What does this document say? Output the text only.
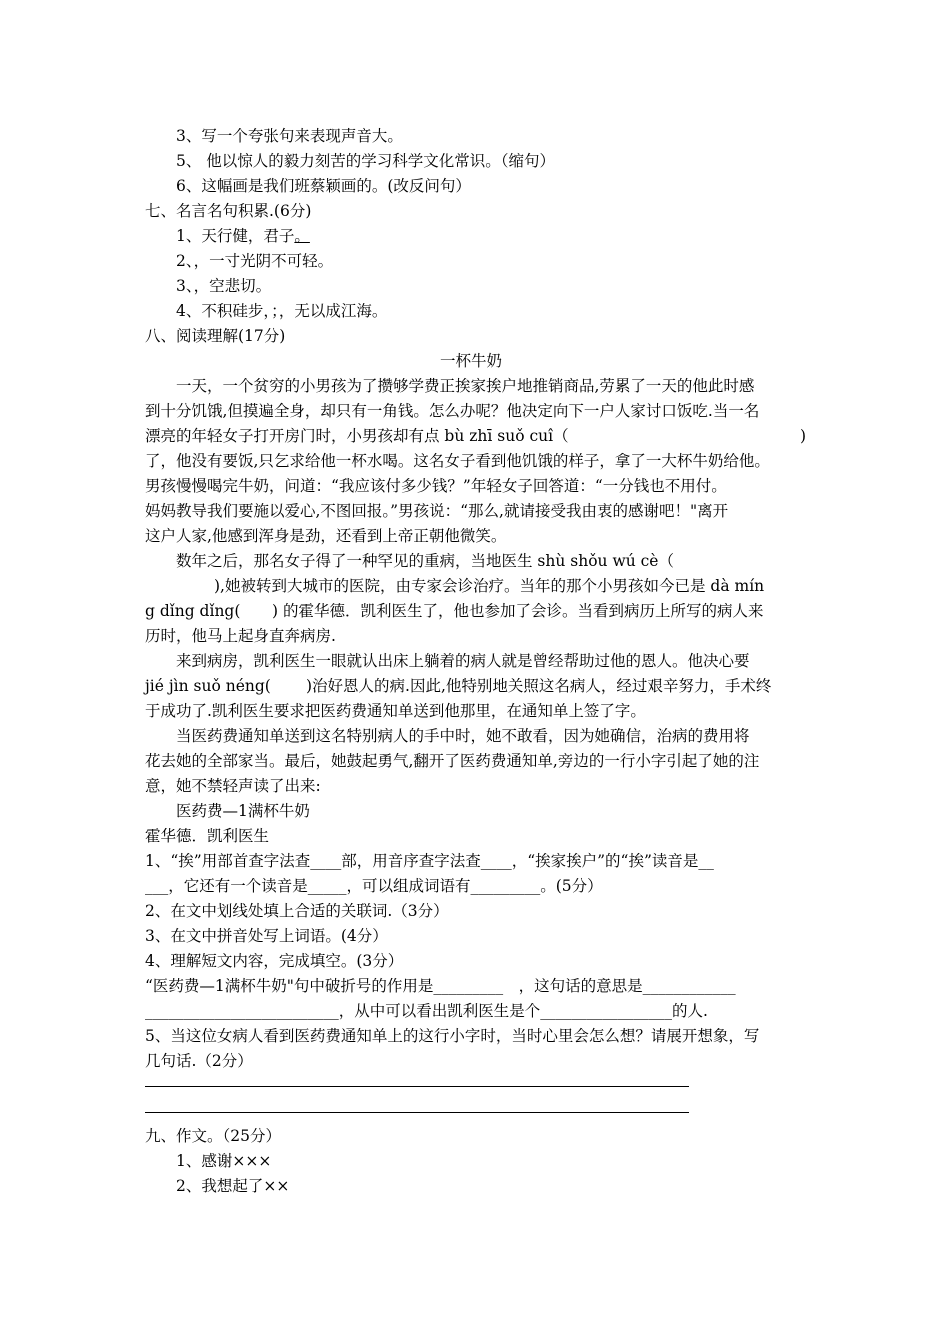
3、写一个夸张句来表现声音大。
5、 他以惊人的毅力刻苦的学习科学文化常识。（缩句）
6、这幅画是我们班蔡颖画的。(改反问句）
七、名言名句积累.(6分)
1、天行健，君子。
2、，一寸光阴不可轻。
3、，空悲切。
4、不积硅步，；，无以成江海。
八、阅读理解(17分)
一杯牛奶
一天，一个贫穷的小男孩为了攒够学费正挨家挨户地推销商品,劳累了一天的他此时感
到十分饥饿,但摸遍全身，却只有一角钱。怎么办呢？他决定向下一户人家讨口饭吃.当一名
漂亮的年轻女子打开房门时，小男孩却有点 bù zhī suǒ cuî（	)
了，他没有要饭,只乞求给他一杯水喝。这名女子看到他饥饿的样子，拿了一大杯牛奶给他。
男孩慢慢喝完牛奶，问道：“我应该付多少钱？”年轻女子回答道：“一分钱也不用付。
妈妈教导我们要施以爱心,不图回报。”男孩说：“那么,就请接受我由衷的感谢吧！"离开
这户人家,他感到浑身是劲，还看到上帝正朝他微笑。
数年之后，那名女子得了一种罕见的重病，当地医生 shù shǒu wú cè（
),她被转到大城市的医院，由专家会诊治疗。当年的那个小男孩如今已是 dà mín
g dǐng dǐng( ) 的霍华德．凯利医生了，他也参加了会诊。当看到病历上所写的病人来
历时，他马上起身直奔病房.
来到病房，凯利医生一眼就认出床上躺着的病人就是曾经帮助过他的恩人。他决心要
jié jìn suǒ néng( )治好恩人的病.因此,他特别地关照这名病人，经过艰辛努力，手术终
于成功了.凯利医生要求把医药费通知单送到他那里，在通知单上签了字。
当医药费通知单送到这名特别病人的手中时，她不敢看，因为她确信，治病的费用将
花去她的全部家当。最后，她鼓起勇气,翻开了医药费通知单,旁边的一行小字引起了她的注
意，她不禁轻声读了出来:
医药费—1满杯牛奶
霍华德．凯利医生
1、“挨”用部首查字法查____部，用音序查字法查____，“挨家挨户”的“挨”读音是__
___，它还有一个读音是_____，可以组成词语有_________。(5分）
2、在文中划线处填上合适的关联词.（3分）
3、在文中拼音处写上词语。(4分）
4、理解短文内容，完成填空。(3分）
“医药费—1满杯牛奶"句中破折号的作用是_________　，这句话的意思是____________
_________________________，从中可以看出凯利医生是个_________________的人.
5、当这位女病人看到医药费通知单上的这行小字时，当时心里会怎么想？请展开想象，写
几句话.（2分）
九、作文。（25分）
1、感谢×××
2、我想起了××
